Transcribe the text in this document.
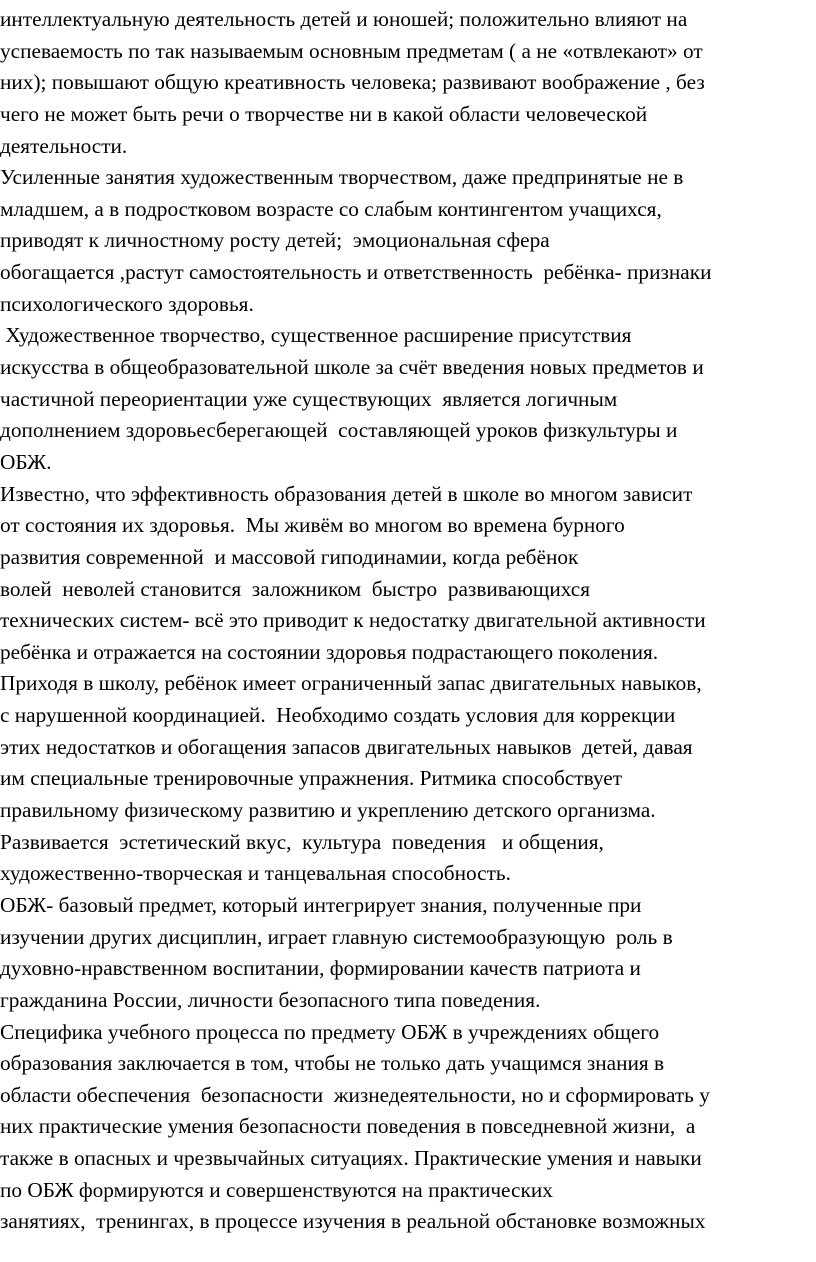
интеллектуальную деятельность детей и юношей; положительно влияют на
успеваемость по так называемым основным предметам ( а не «отвлекают» от
них); повышают общую креативность человека; развивают воображение , без
чего не может быть речи о творчестве ни в какой области человеческой
деятельности.
Усиленные занятия художественным творчеством, даже предпринятые не в
младшем, а в подростковом возрасте со слабым контингентом учащихся,
приводят к личностному росту детей;  эмоциональная сфера
обогащается ,растут самостоятельность и ответственность  ребёнка- признаки
психологического здоровья.
Художественное творчество, существенное расширение присутствия
искусства в общеобразовательной школе за счёт введения новых предметов и
частичной переориентации уже существующих  является логичным
дополнением здоровьесберегающей  составляющей уроков физкультуры и
ОБЖ.
Известно, что эффективность образования детей в школе во многом зависит
от состояния их здоровья.  Мы живём во многом во времена бурного
развития современной  и массовой гиподинамии, когда ребёнок
волей  неволей становится  заложником  быстро  развивающихся
технических систем- всё это приводит к недостатку двигательной активности
ребёнка и отражается на состоянии здоровья подрастающего поколения.
Приходя в школу, ребёнок имеет ограниченный запас двигательных навыков,
с нарушенной координацией.  Необходимо создать условия для коррекции
этих недостатков и обогащения запасов двигательных навыков  детей, давая
им специальные тренировочные упражнения. Ритмика способствует
правильному физическому развитию и укреплению детского организма.
Развивается  эстетический вкус,  культура  поведения   и общения,
художественно-творческая и танцевальная способность.
ОБЖ- базовый предмет, который интегрирует знания, полученные при
изучении других дисциплин, играет главную системообразующую  роль в
духовно-нравственном воспитании, формировании качеств патриота и
гражданина России, личности безопасного типа поведения.
Специфика учебного процесса по предмету ОБЖ в учреждениях общего
образования заключается в том, чтобы не только дать учащимся знания в
области обеспечения  безопасности  жизнедеятельности, но и сформировать у
них практические умения безопасности поведения в повседневной жизни,  а
также в опасных и чрезвычайных ситуациях. Практические умения и навыки
по ОБЖ формируются и совершенствуются на практических
занятиях,  тренингах, в процессе изучения в реальной обстановке возможных
